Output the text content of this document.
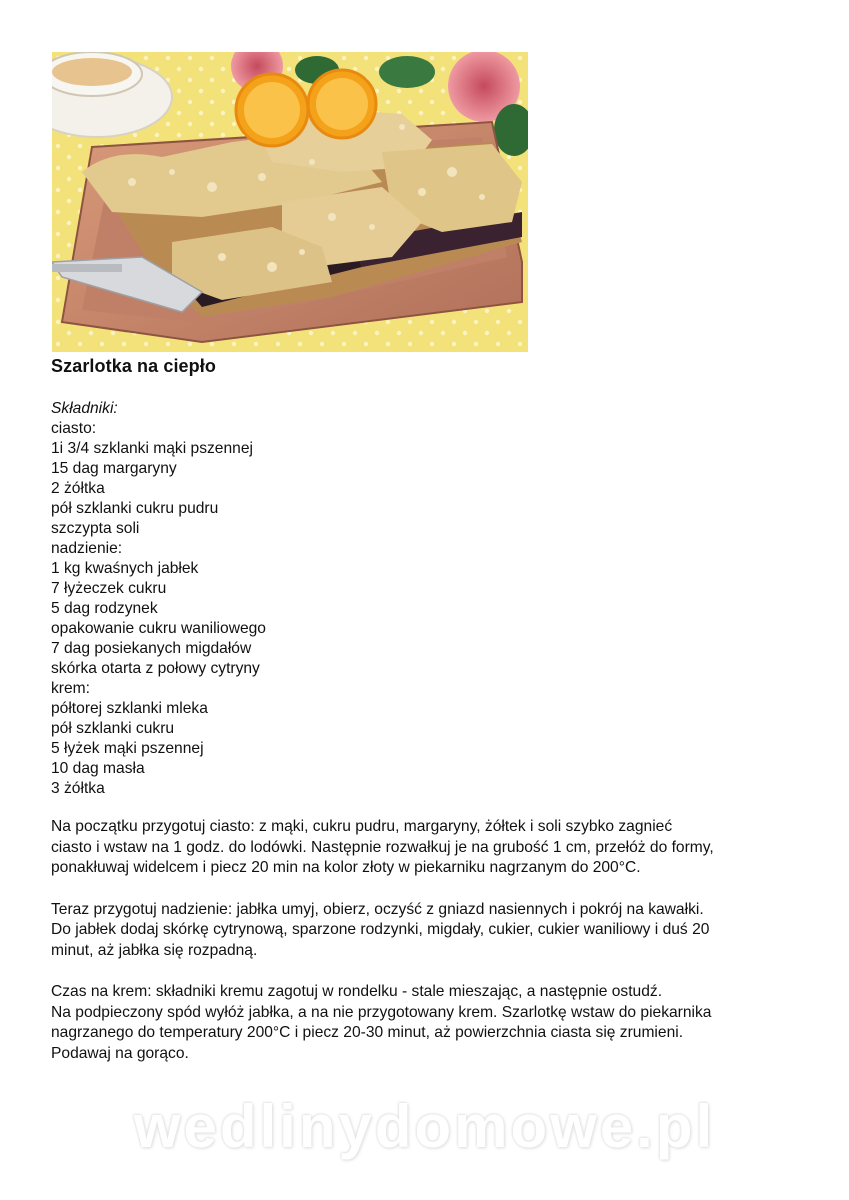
Szarlotka na ciepło
Składniki:
ciasto:
1i 3/4 szklanki mąki pszennej
15 dag margaryny
2 żółtka
pół szklanki cukru pudru
szczypta soli
nadzienie:
1 kg kwaśnych jabłek
7 łyżeczek cukru
5 dag rodzynek
opakowanie cukru waniliowego
7 dag posiekanych migdałów
skórka otarta z połowy cytryny
krem:
półtorej szklanki mleka
pół szklanki cukru
5 łyżek mąki pszennej
10 dag masła
3 żółtka

Na początku przygotuj ciasto: z mąki, cukru pudru, margaryny, żółtek i soli szybko zagnieć
ciasto i wstaw na 1 godz. do lodówki. Następnie rozwałkuj je na grubość 1 cm, przełóż do formy,
ponakłuwaj widelcem i piecz 20 min na kolor złoty w piekarniku nagrzanym do 200°C.

Teraz przygotuj nadzienie: jabłka umyj, obierz, oczyść z gniazd nasiennych i pokrój na kawałki.
Do jabłek dodaj skórkę cytrynową, sparzone rodzynki, migdały, cukier, cukier waniliowy i duś 20
minut, aż jabłka się rozpadną.

Czas na krem: składniki kremu zagotuj w rondelku - stale mieszając, a następnie ostudź.
Na podpieczony spód wyłóż jabłka, a na nie przygotowany krem. Szarlotkę wstaw do piekarnika
nagrzanego do temperatury 200°C i piecz 20-30 minut, aż powierzchnia ciasta się zrumieni.
Podawaj na gorąco.

wedlinydomowe.pl
